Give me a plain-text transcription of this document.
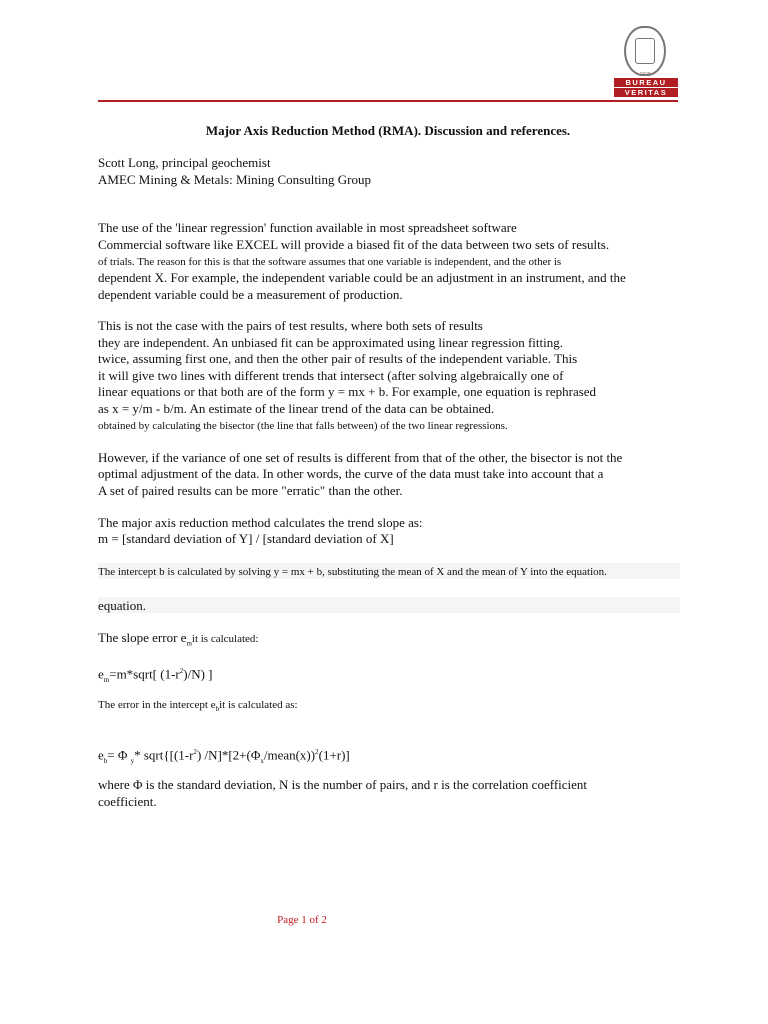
1828
BUREAU
VERITAS
Major Axis Reduction Method (RMA). Discussion and references.
Scott Long, principal geochemist
AMEC Mining & Metals: Mining Consulting Group
The use of the 'linear regression' function available in most spreadsheet software
Commercial software like EXCEL will provide a biased fit of the data between two sets of results.
of trials. The reason for this is that the software assumes that one variable is independent, and the other is
dependent X. For example, the independent variable could be an adjustment in an instrument, and the
dependent variable could be a measurement of production.
This is not the case with the pairs of test results, where both sets of results
they are independent. An unbiased fit can be approximated using linear regression fitting.
twice, assuming first one, and then the other pair of results of the independent variable. This
it will give two lines with different trends that intersect (after solving algebraically one of
linear equations or that both are of the form y = mx + b. For example, one equation is rephrased
as x = y/m - b/m. An estimate of the linear trend of the data can be obtained.
obtained by calculating the bisector (the line that falls between) of the two linear regressions.
However, if the variance of one set of results is different from that of the other, the bisector is not the
optimal adjustment of the data. In other words, the curve of the data must take into account that a
A set of paired results can be more "erratic" than the other.
The major axis reduction method calculates the trend slope as:
m = [standard deviation of Y] / [standard deviation of X]
The intercept b is calculated by solving y = mx + b, substituting the mean of X and the mean of Y into the equation.
equation.
The slope error $e_mit$ is calculated:
$e_m=m*sqrt$[ $(1-r^2)/N$) ]
The error in the intercept $e_bit$ is calculated as:
$e_b= \Phi$ $_y$* $sqrt\{[(1-r^2)$ $/N]*[2+(\Phi_x/mean(x))^2(1+r)]$
where Φ is the standard deviation, N is the number of pairs, and r is the correlation coefficient
coefficient.
Page 1 of 2
